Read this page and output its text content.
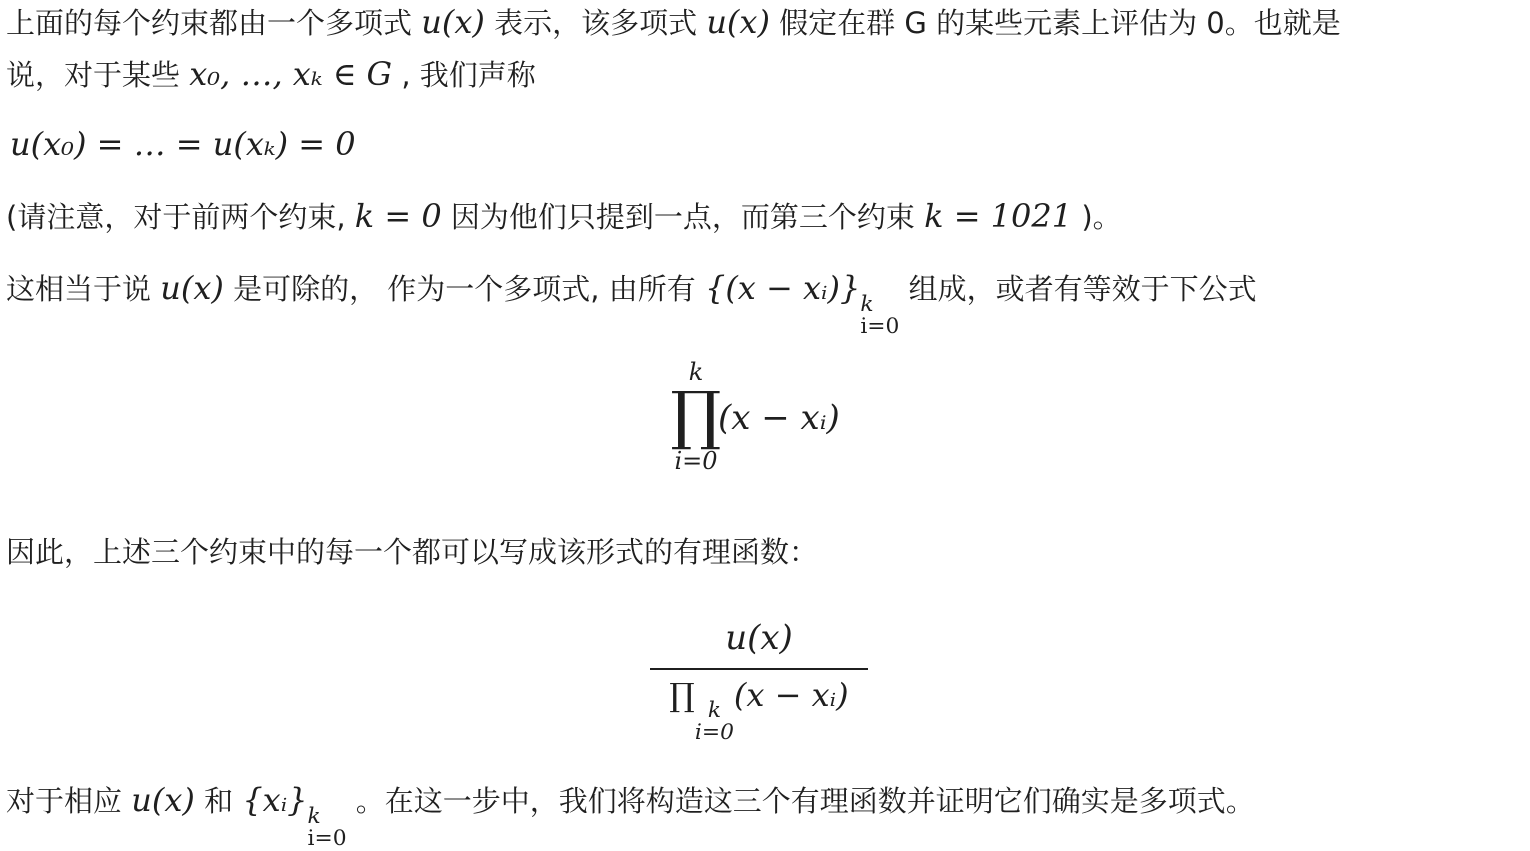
上面的每个约束都由一个多项式 u(x) 表示，该多项式 u(x) 假定在群 G 的某些元素上评估为 0。也就是
说，对于某些 x₀, …, xₖ ∈ G , 我们声称
u(x₀) = … = u(xₖ) = 0
(请注意，对于前两个约束, k = 0 因为他们只提到一点，而第三个约束 k = 1021 )。
这相当于说 u(x) 是可除的， 作为一个多项式, 由所有 {(x − xᵢ)} k
i=0
组成，或者有等效于下公式
k
∏
i=0
(x − xᵢ)
因此，上述三个约束中的每一个都可以写成该形式的有理函数：
u(x)
∏ k
i=0
(x − xᵢ)
对于相应 u(x) 和 {xᵢ} k
i=0
。在这一步中，我们将构造这三个有理函数并证明它们确实是多项式。
